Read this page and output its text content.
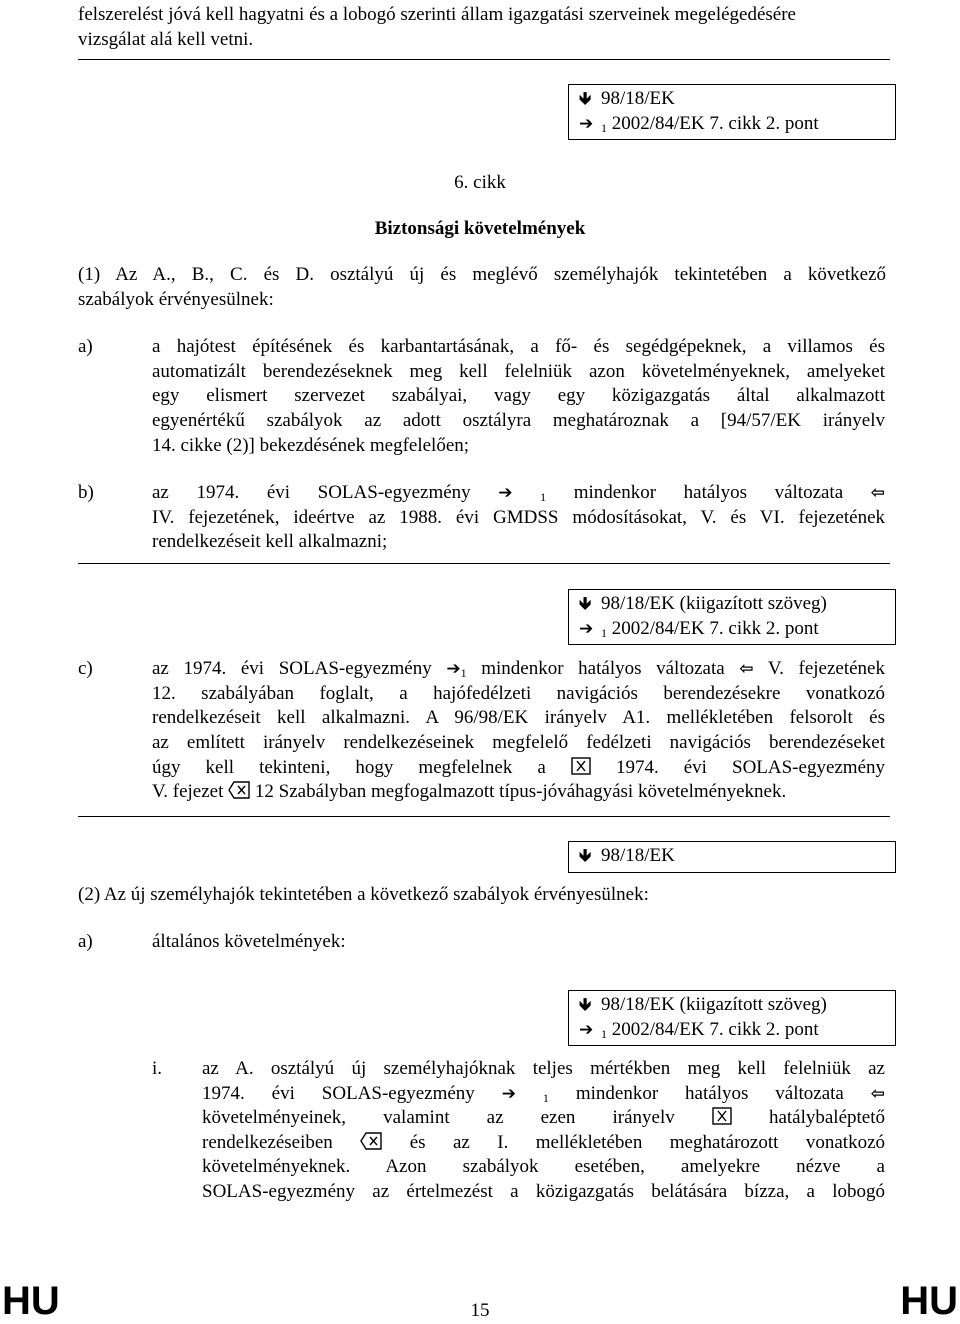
felszerelést jóvá kell hagyatni és a lobogó szerinti állam igazgatási szerveinek megelégedésére
vizsgálat alá kell vetni.
🡻 98/18/EK
➔ $_1$ 2002/84/EK 7. cikk 2. pont
6. cikk
Biztonsági követelmények
(1) Az A., B., C. és D. osztályú új és meglévő személyhajók tekintetében a következő
szabályok érvényesülnek:
a)	a hajótest építésének és karbantartásának, a fő- és segédgépeknek, a villamos és
automatizált berendezéseknek meg kell felelniük azon követelményeknek, amelyeket
egy elismert szervezet szabályai, vagy egy közigazgatás által alkalmazott
egyenértékű szabályok az adott osztályra meghatároznak a [94/57/EK irányelv
14. cikke (2)] bekezdésének megfelelően;
b)	az 1974. évi SOLAS-egyezmény ➔ $_1$ mindenkor hatályos változata ⇦
IV. fejezetének, ideértve az 1988. évi GMDSS módosításokat, V. és VI. fejezetének
rendelkezéseit kell alkalmazni;
🡻 98/18/EK (kiigazított szöveg)
➔ $_1$ 2002/84/EK 7. cikk 2. pont
c)	az 1974. évi SOLAS-egyezmény $➔_1$ mindenkor hatályos változata ⇦ V. fejezetének
12. szabályában foglalt, a hajófedélzeti navigációs berendezésekre vonatkozó
rendelkezéseit kell alkalmazni. A 96/98/EK irányelv A1. mellékletében felsorolt és
az említett irányelv rendelkezéseinek megfelelő fedélzeti navigációs berendezéseket
úgy kell tekinteni, hogy megfelelnek a	1974. évi SOLAS-egyezmény
V. fejezet 12 Szabályban megfogalmazott típus-jóváhagyási követelményeknek.
🡻 98/18/EK
(2) Az új személyhajók tekintetében a következő szabályok érvényesülnek:
a)	általános követelmények:
🡻 98/18/EK (kiigazított szöveg)
➔ $_1$ 2002/84/EK 7. cikk 2. pont
i. az A. osztályú új személyhajóknak teljes mértékben meg kell felelniük az
1974. évi SOLAS-egyezmény ➔ $_1$ mindenkor hatályos változata ⇦
követelményeinek, valamint az ezen irányelv	hatálybaléptető
rendelkezéseiben	és az I. mellékletében meghatározott vonatkozó
követelményeknek. Azon szabályok esetében, amelyekre nézve a
SOLAS-egyezmény az értelmezést a közigazgatás belátására bízza, a lobogó
HU	15	HU
